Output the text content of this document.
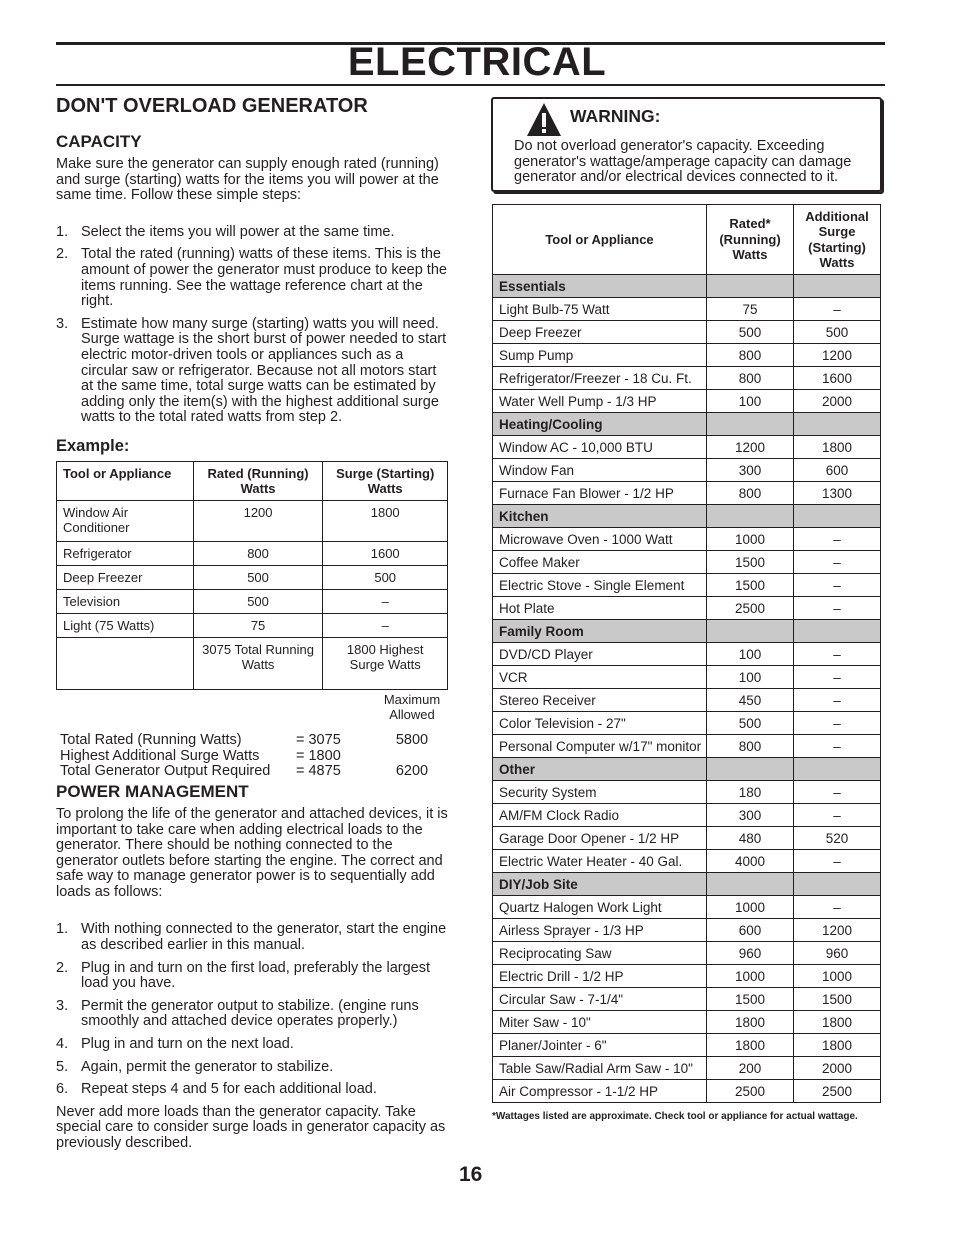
ELECTRICAL
DON'T OVERLOAD GENERATOR
CAPACITY

Make sure the generator can supply enough rated (running) and surge (starting) watts for the items you will power at the same time. Follow these simple steps:

1. Select the items you will power at the same time.
2. Total the rated (running) watts of these items. This is the amount of power the generator must produce to keep the items running. See the wattage reference chart at the right.
3. Estimate how many surge (starting) watts you will need. Surge wattage is the short burst of power needed to start electric motor-driven tools or appliances such as a circular saw or refrigerator. Because not all motors start at the same time, total surge watts can be estimated by adding only the item(s) with the highest additional surge watts to the total rated watts from step 2.
Example:
Tool or Appliance	Rated (Running) Watts	Surge (Starting) Watts
Window Air Conditioner	1200	1800
Refrigerator	800	1600
Deep Freezer	500	500
Television	500	–
Light (75 Watts)	75	–
	3075 Total Running Watts	1800 Highest Surge Watts
Maximum Allowed
Total Rated (Running Watts)	= 3075	5800
Highest Additional Surge Watts	= 1800
Total Generator Output Required = 4875	6200
POWER MANAGEMENT

To prolong the life of the generator and attached devices, it is important to take care when adding electrical loads to the generator. There should be nothing connected to the generator outlets before starting the engine. The correct and safe way to manage generator power is to sequentially add loads as follows:

1. With nothing connected to the generator, start the engine as described earlier in this manual.
2. Plug in and turn on the first load, preferably the largest load you have.
3. Permit the generator output to stabilize. (engine runs smoothly and attached device operates properly.)
4. Plug in and turn on the next load.
5. Again, permit the generator to stabilize.
6. Repeat steps 4 and 5 for each additional load.

Never add more loads than the generator capacity. Take special care to consider surge loads in generator capacity as previously described.

WARNING:
Do not overload generator's capacity. Exceeding generator's wattage/amperage capacity can damage generator and/or electrical devices connected to it.
Tool or Appliance	Rated* (Running) Watts	Additional Surge (Starting) Watts
Essentials		
Light Bulb-75 Watt	75	–
Deep Freezer	500	500
Sump Pump	800	1200
Refrigerator/Freezer - 18 Cu. Ft.	800	1600
Water Well Pump - 1/3 HP	100	2000
Heating/Cooling		
Window AC - 10,000 BTU	1200	1800
Window Fan	300	600
Furnace Fan Blower - 1/2 HP	800	1300
Kitchen		
Microwave Oven - 1000 Watt	1000	–
Coffee Maker	1500	–
Electric Stove - Single Element	1500	–
Hot Plate	2500	–
Family Room		
DVD/CD Player	100	–
VCR	100	–
Stereo Receiver	450	–
Color Television - 27"	500	–
Personal Computer w/17" monitor	800	–
Other		
Security System	180	–
AM/FM Clock Radio	300	–
Garage Door Opener - 1/2 HP	480	520
Electric Water Heater - 40 Gal.	4000	–
DIY/Job Site		
Quartz Halogen Work Light	1000	–
Airless Sprayer - 1/3 HP	600	1200
Reciprocating Saw	960	960
Electric Drill - 1/2 HP	1000	1000
Circular Saw - 7-1/4"	1500	1500
Miter Saw - 10"	1800	1800
Planer/Jointer - 6"	1800	1800
Table Saw/Radial Arm Saw - 10"	200	2000
Air Compressor - 1-1/2 HP	2500	2500
*Wattages listed are approximate. Check tool or appliance for actual wattage.
16
